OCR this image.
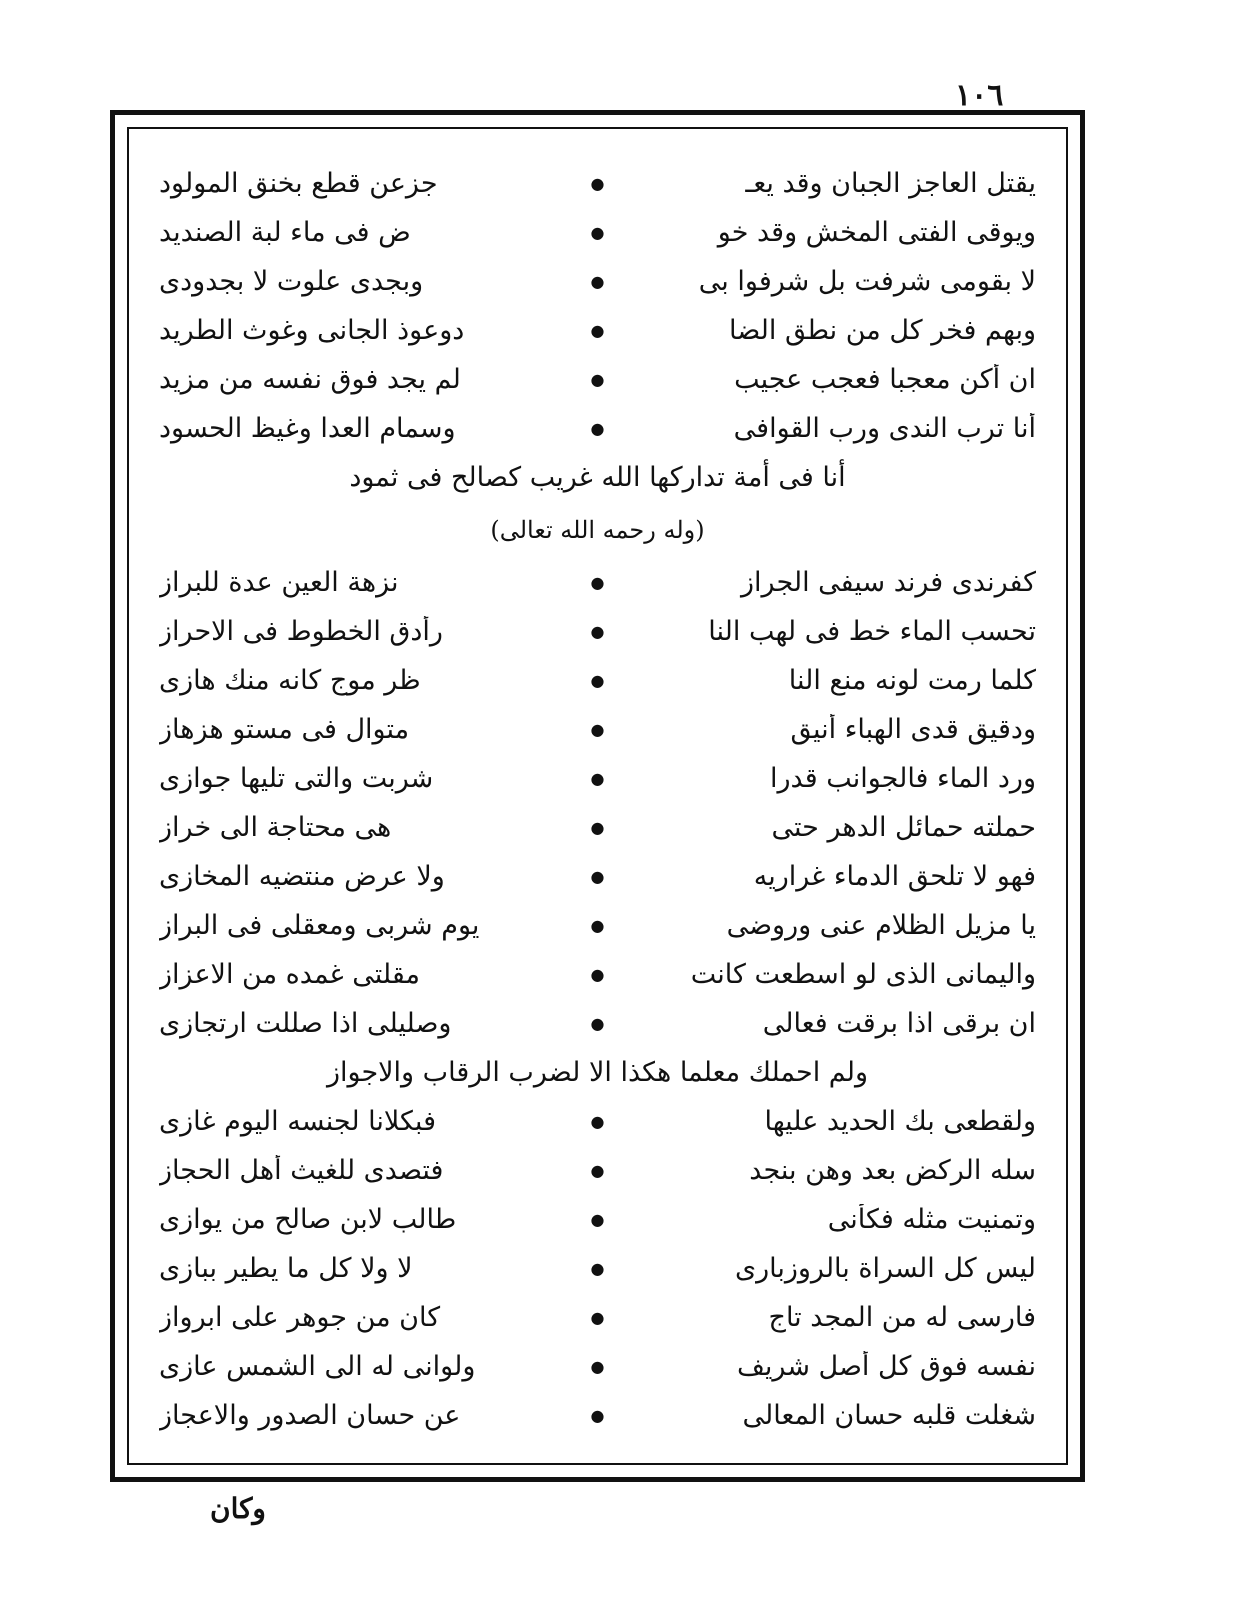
١٠٦
يقتل العاجز الجبان وقد يعـ
●
جزعن قطع بخنق المولود
ويوقى الفتى المخش وقد خو
●
ض فى ماء لبة الصنديد
لا بقومى شرفت بل شرفوا بى
●
وبجدى علوت لا بجدودى
وبهم فخر كل من نطق الضا
●
دوعوذ الجانى وغوث الطريد
ان أكن معجبا فعجب عجيب
●
لم يجد فوق نفسه من مزيد
أنا ترب الندى ورب القوافى
●
وسمام العدا وغيظ الحسود
أنا فى أمة تداركها الله غريب كصالح فى ثمود
(وله رحمه الله تعالى)
كفرندى فرند سيفى الجراز
●
نزهة العين عدة للبراز
تحسب الماء خط فى لهب النا
●
رأدق الخطوط فى الاحراز
كلما رمت لونه منع النا
●
ظر موج كانه منك هازى
ودقيق قدى الهباء أنيق
●
متوال فى مستو هزهاز
ورد الماء فالجوانب قدرا
●
شربت والتى تليها جوازى
حملته حمائل الدهر حتى
●
هى محتاجة الى خراز
فهو لا تلحق الدماء غراريه
●
ولا عرض منتضيه المخازى
يا مزيل الظلام عنى وروضى
●
يوم شربى ومعقلى فى البراز
واليمانى الذى لو اسطعت كانت
●
مقلتى غمده من الاعزاز
ان برقى اذا برقت فعالى
●
وصليلى اذا صللت ارتجازى
ولم احملك معلما هكذا الا لضرب الرقاب والاجواز
ولقطعى بك الحديد عليها
●
فبكلانا لجنسه اليوم غازى
سله الركض بعد وهن بنجد
●
فتصدى للغيث أهل الحجاز
وتمنيت مثله فكأنى
●
طالب لابن صالح من يوازى
ليس كل السراة بالروزبارى
●
لا ولا كل ما يطير ببازى
فارسى له من المجد تاج
●
كان من جوهر على ابرواز
نفسه فوق كل أصل شريف
●
ولوانى له الى الشمس عازى
شغلت قلبه حسان المعالى
●
عن حسان الصدور والاعجاز
وكان
